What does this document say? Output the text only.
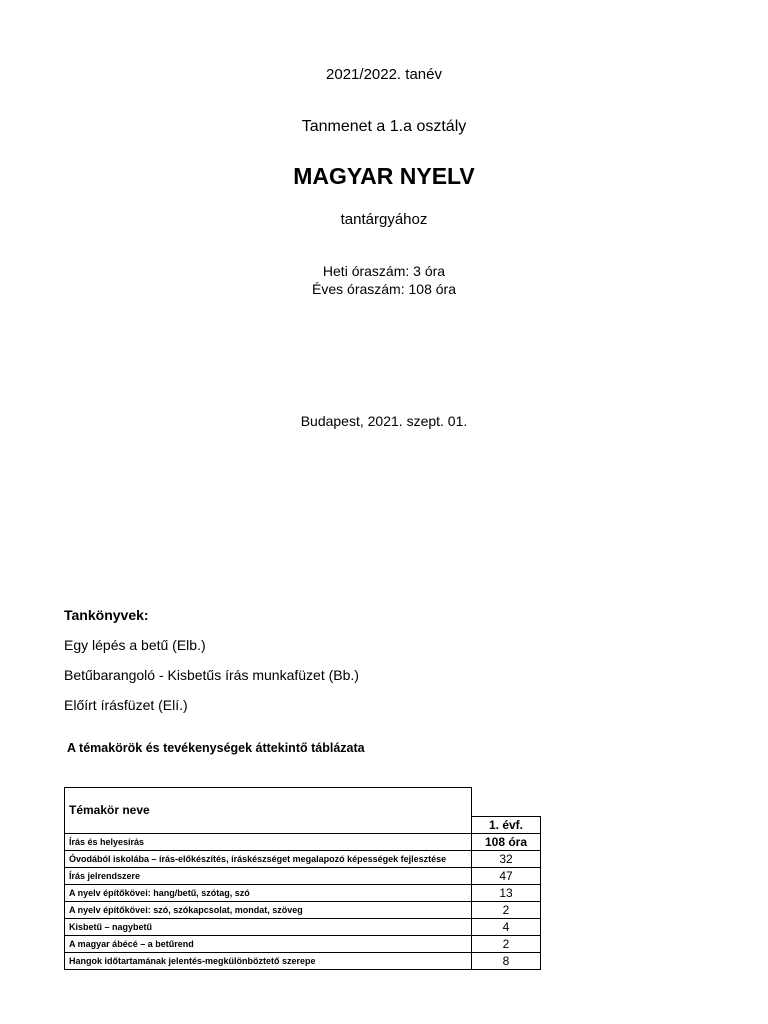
2021/2022. tanév
Tanmenet a 1.a osztály
MAGYAR NYELV
tantárgyához
Heti óraszám: 3 óra
Éves óraszám: 108 óra
Budapest, 2021. szept. 01.
Tankönyvek:
Egy lépés a betű (Elb.)
Betűbarangoló - Kisbetűs írás munkafüzet (Bb.)
Előírt írásfüzet (Elí.)
A témakörök és tevékenységek áttekintő táblázata
Témakör neve	
	1. évf.
Írás és helyesírás	108 óra
Óvodából iskolába – írás-előkészítés, íráskészséget megalapozó képességek fejlesztése	32
Írás jelrendszere	47
A nyelv építőkövei: hang/betű, szótag, szó	13
A nyelv építőkövei: szó, szókapcsolat, mondat, szöveg	2
Kisbetű – nagybetű	4
A magyar ábécé – a betűrend	2
Hangok időtartamának jelentés-megkülönböztető szerepe	8
